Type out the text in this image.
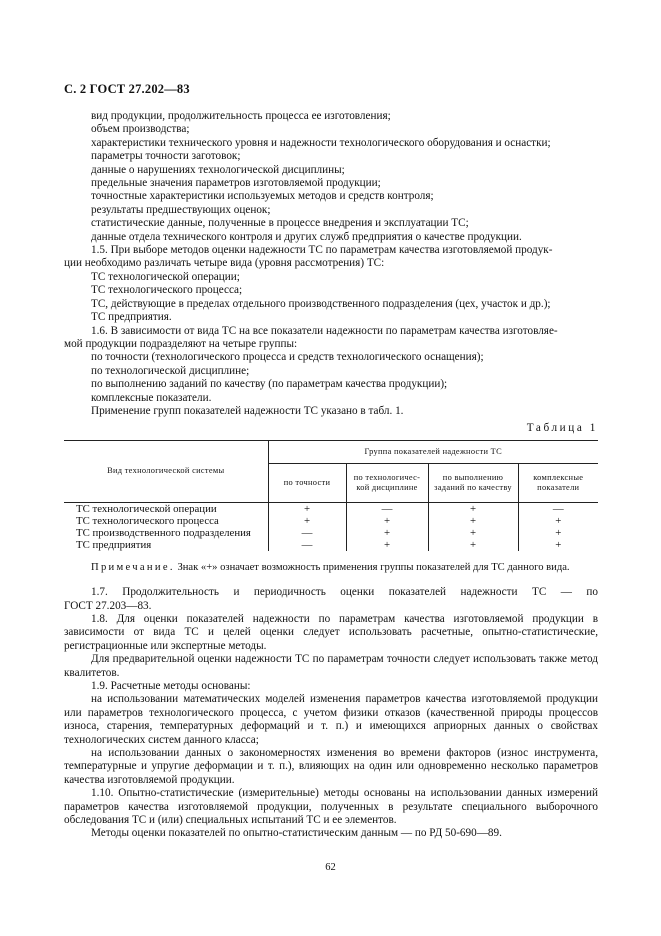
С. 2 ГОСТ 27.202—83

вид продукции, продолжительность процесса ее изготовления;

объем производства;

характеристики технического уровня и надежности технологического оборудования и оснастки;

параметры точности заготовок;

данные о нарушениях технологической дисциплины;

предельные значения параметров изготовляемой продукции;

точностные характеристики используемых методов и средств контроля;

результаты предшествующих оценок;

статистические данные, полученные в процессе внедрения и эксплуатации ТС;

данные отдела технического контроля и других служб предприятия о качестве продукции.

1.5. При выборе методов оценки надежности ТС по параметрам качества изготовляемой продук-

ции необходимо различать четыре вида (уровня рассмотрения) ТС:

ТС технологической операции;

ТС технологического процесса;

ТС, действующие в пределах отдельного производственного подразделения (цех, участок и др.);

ТС предприятия.

1.6. В зависимости от вида ТС на все показатели надежности по параметрам качества изготовляе-

мой продукции подразделяют на четыре группы:

по точности (технологического процесса и средств технологического оснащения);

по технологической дисциплине;

по выполнению заданий по качеству (по параметрам качества продукции);

комплексные показатели.

Применение групп показателей надежности ТС указано в табл. 1.

Таблица 1

Вид технологической системы	Группа показателей надежности ТС			
	по точности	по технологичес-кой дисциплине	по выполнению заданий по качеству	комплексные показатели
ТС технологической операции	+	—	+	—
ТС технологического процесса	+	+	+	+
ТС производственного подразделения	—	+	+	+
ТС предприятия	—	+	+	+

Примечание. Знак «+» означает возможность применения группы показателей для ТС данного вида.

1.7. Продолжительность и периодичность оценки показателей надежности ТС — по

ГОСТ 27.203—83.

1.8. Для оценки показателей надежности по параметрам качества изготовляемой продукции в зависимости от вида ТС и целей оценки следует использовать расчетные, опытно-статистические, регистрационные или экспертные методы.

Для предварительной оценки надежности ТС по параметрам точности следует использовать также метод квалитетов.

1.9. Расчетные методы основаны:

на использовании математических моделей изменения параметров качества изготовляемой продукции или параметров технологического процесса, с учетом физики отказов (качественной природы процессов износа, старения, температурных деформаций и т. п.) и имеющихся априорных данных о свойствах технологических систем данного класса;

на использовании данных о закономерностях изменения во времени факторов (износ инструмента, температурные и упругие деформации и т. п.), влияющих на один или одновременно несколько параметров качества изготовляемой продукции.

1.10. Опытно-статистические (измерительные) методы основаны на использовании данных измерений параметров качества изготовляемой продукции, полученных в результате специального выборочного обследования ТС и (или) специальных испытаний ТС и ее элементов.

Методы оценки показателей по опытно-статистическим данным — по РД 50-690—89.

62
